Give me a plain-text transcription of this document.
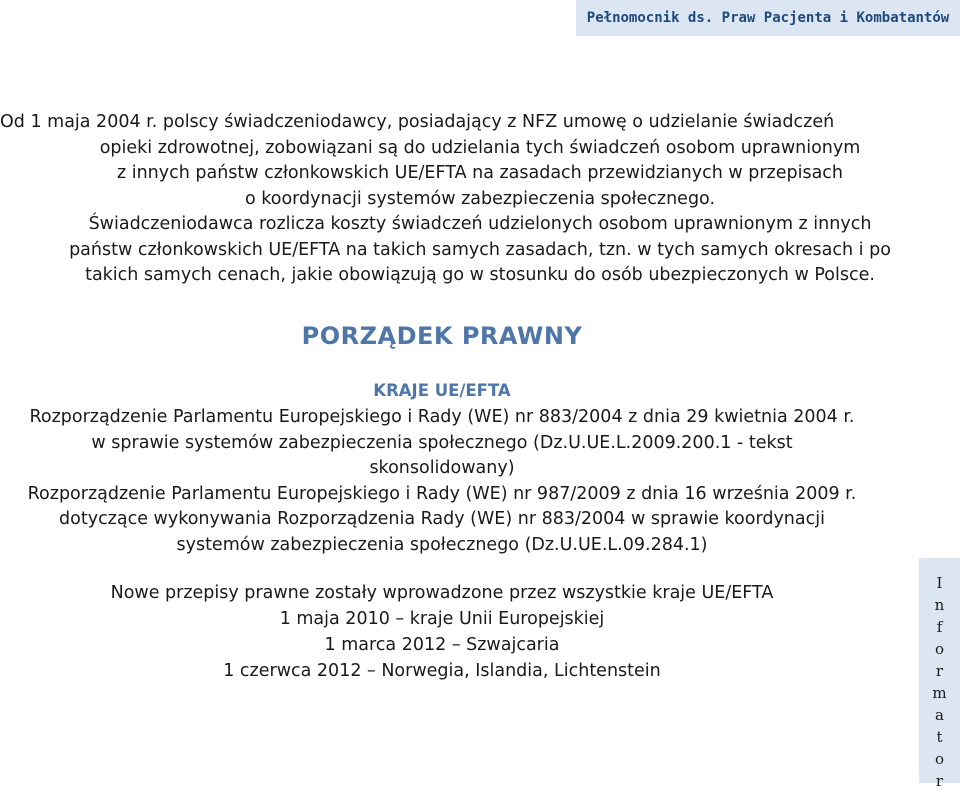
Pełnomocnik ds. Praw Pacjenta i Kombatantów
Od 1 maja 2004 r. polscy świadczeniodawcy, posiadający z NFZ umowę o udzielanie świadczeń
opieki zdrowotnej, zobowiązani są do udzielania tych świadczeń osobom uprawnionym
z innych państw członkowskich UE/EFTA na zasadach przewidzianych w przepisach
o koordynacji systemów zabezpieczenia społecznego.
Świadczeniodawca rozlicza koszty świadczeń udzielonych osobom uprawnionym z innych
państw członkowskich UE/EFTA na takich samych zasadach, tzn. w tych samych okresach i po
takich samych cenach, jakie obowiązują go w stosunku do osób ubezpieczonych w Polsce.
PORZĄDEK PRAWNY
KRAJE UE/EFTA
Rozporządzenie Parlamentu Europejskiego i Rady (WE) nr 883/2004 z dnia 29 kwietnia 2004 r.
w sprawie systemów zabezpieczenia społecznego (Dz.U.UE.L.2009.200.1 - tekst
skonsolidowany)
Rozporządzenie Parlamentu Europejskiego i Rady (WE) nr 987/2009 z dnia 16 września 2009 r.
dotyczące wykonywania Rozporządzenia Rady (WE) nr 883/2004 w sprawie koordynacji
systemów zabezpieczenia społecznego (Dz.U.UE.L.09.284.1)
Nowe przepisy prawne zostały wprowadzone przez wszystkie kraje UE/EFTA
1 maja 2010 – kraje Unii Europejskiej
1 marca 2012 – Szwajcaria
1 czerwca 2012 – Norwegia, Islandia, Lichtenstein
I
n
f
o
r
m
a
t
o
r
